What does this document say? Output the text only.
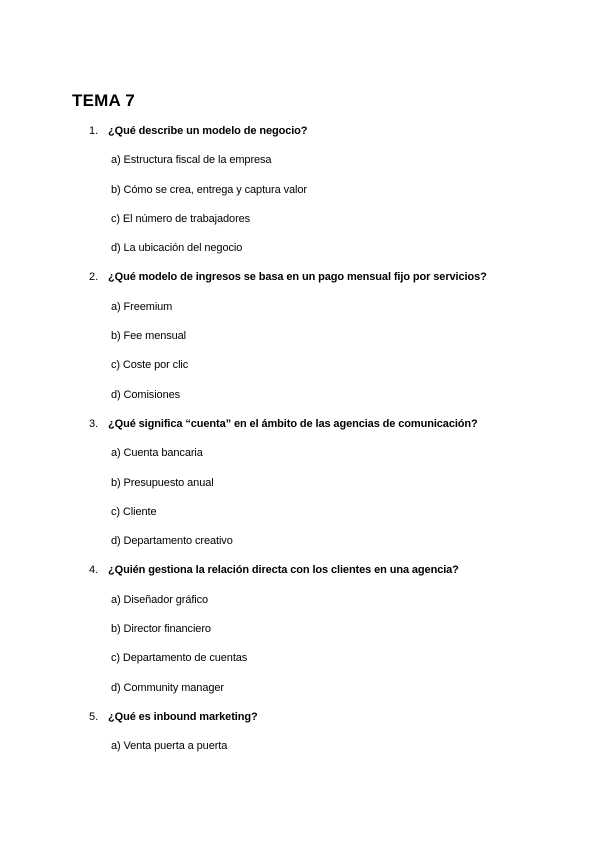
TEMA 7
1. ¿Qué describe un modelo de negocio?
a) Estructura fiscal de la empresa
b) Cómo se crea, entrega y captura valor
c) El número de trabajadores
d) La ubicación del negocio
2. ¿Qué modelo de ingresos se basa en un pago mensual fijo por servicios?
a) Freemium
b) Fee mensual
c) Coste por clic
d) Comisiones
3. ¿Qué significa “cuenta” en el ámbito de las agencias de comunicación?
a) Cuenta bancaria
b) Presupuesto anual
c) Cliente
d) Departamento creativo
4. ¿Quién gestiona la relación directa con los clientes en una agencia?
a) Diseñador gráfico
b) Director financiero
c) Departamento de cuentas
d) Community manager
5. ¿Qué es inbound marketing?
a) Venta puerta a puerta
